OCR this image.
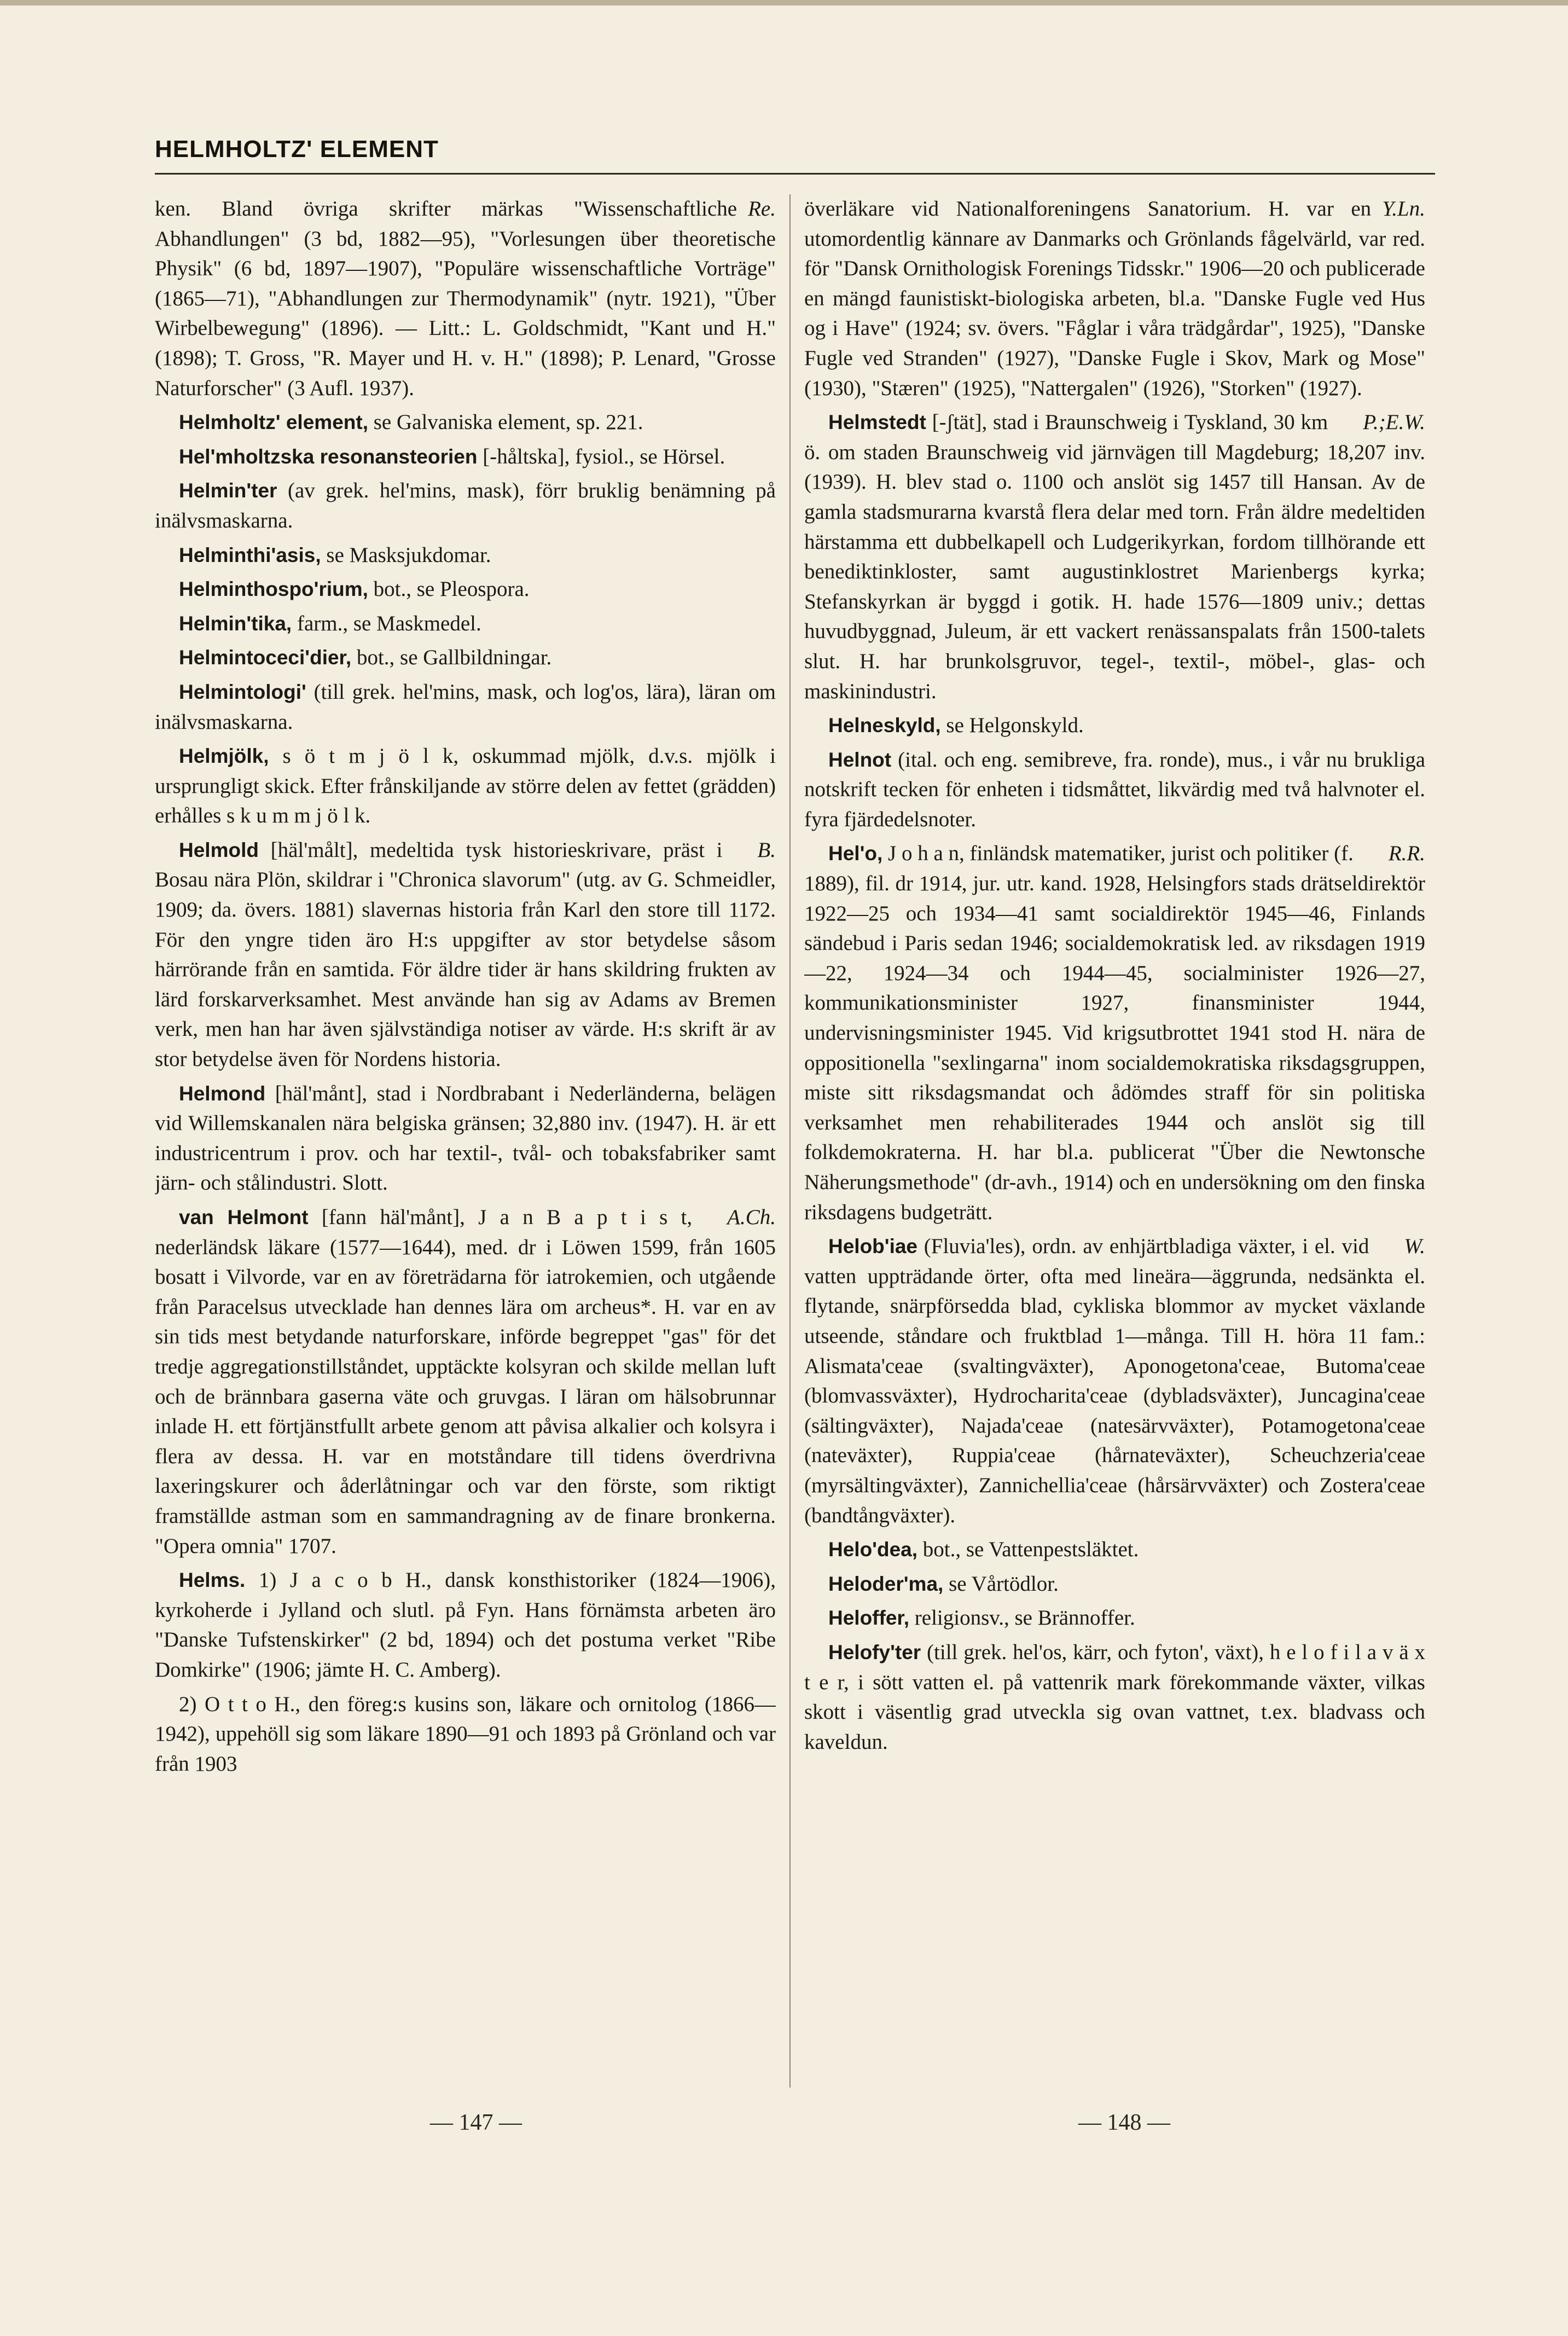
HELMHOLTZ' ELEMENT

Re.
ken. Bland övriga skrifter märkas "Wissenschaftliche Abhandlungen" (3 bd, 1882—95), "Vorlesungen über theoretische Physik" (6 bd, 1897—1907), "Populäre wissenschaftliche Vorträge" (1865—71), "Abhandlungen zur Thermodynamik" (nytr. 1921), "Über Wirbelbewegung" (1896). — Litt.: L. Goldschmidt, "Kant und H." (1898); T. Gross, "R. Mayer und H. v. H." (1898); P. Lenard, "Grosse Naturforscher" (3 Aufl. 1937).

Helmholtz' element, se Galvaniska element, sp. 221.

Hel'mholtzska resonansteorien [-håltska], fysiol., se Hörsel.

Helmin'ter (av grek. hel'mins, mask), förr bruklig benämning på inälvsmaskarna.

Helminthi'asis, se Masksjukdomar.

Helminthospo'rium, bot., se Pleospora.

Helmin'tika, farm., se Maskmedel.

Helmintoceci'dier, bot., se Gallbildningar.

Helmintologi' (till grek. hel'mins, mask, och log'os, lära), läran om inälvsmaskarna.

Helmjölk, s ö t m j ö l k, oskummad mjölk, d.v.s. mjölk i ursprungligt skick. Efter frånskiljande av större delen av fettet (grädden) erhålles s k u m m j ö l k.

B.
Helmold [häl'målt], medeltida tysk historieskrivare, präst i Bosau nära Plön, skildrar i "Chronica slavorum" (utg. av G. Schmeidler, 1909; da. övers. 1881) slavernas historia från Karl den store till 1172. För den yngre tiden äro H:s uppgifter av stor betydelse såsom härrörande från en samtida. För äldre tider är hans skildring frukten av lärd forskarverksamhet. Mest använde han sig av Adams av Bremen verk, men han har även självständiga notiser av värde. H:s skrift är av stor betydelse även för Nordens historia.

Helmond [häl'månt], stad i Nordbrabant i Nederländerna, belägen vid Willemskanalen nära belgiska gränsen; 32,880 inv. (1947). H. är ett industricentrum i prov. och har textil-, tvål- och tobaksfabriker samt järn- och stålindustri. Slott.

A.Ch.
van Helmont [fann häl'månt], J a n B a p t i s t, nederländsk läkare (1577—1644), med. dr i Löwen 1599, från 1605 bosatt i Vilvorde, var en av företrädarna för iatrokemien, och utgående från Paracelsus utvecklade han dennes lära om archeus*. H. var en av sin tids mest betydande naturforskare, införde begreppet "gas" för det tredje aggregationstillståndet, upptäckte kolsyran och skilde mellan luft och de brännbara gaserna väte och gruvgas. I läran om hälsobrunnar inlade H. ett förtjänstfullt arbete genom att påvisa alkalier och kolsyra i flera av dessa. H. var en motståndare till tidens överdrivna laxeringskurer och åderlåtningar och var den förste, som riktigt framställde astman som en sammandragning av de finare bronkerna. "Opera omnia" 1707.

Helms. 1) J a c o b H., dansk konsthistoriker (1824—1906), kyrkoherde i Jylland och slutl. på Fyn. Hans förnämsta arbeten äro "Danske Tufstenskirker" (2 bd, 1894) och det postuma verket "Ribe Domkirke" (1906; jämte H. C. Amberg).

2) O t t o H., den föreg:s kusins son, läkare och ornitolog (1866—1942), uppehöll sig som läkare 1890—91 och 1893 på Grönland och var från 1903

Y.Ln.
överläkare vid Nationalforeningens Sanatorium. H. var en utomordentlig kännare av Danmarks och Grönlands fågelvärld, var red. för "Dansk Ornithologisk Forenings Tidsskr." 1906—20 och publicerade en mängd faunistiskt-biologiska arbeten, bl.a. "Danske Fugle ved Hus og i Have" (1924; sv. övers. "Fåglar i våra trädgårdar", 1925), "Danske Fugle ved Stranden" (1927), "Danske Fugle i Skov, Mark og Mose" (1930), "Stæren" (1925), "Nattergalen" (1926), "Storken" (1927).

P.;E.W.
Helmstedt [-ʃtät], stad i Braunschweig i Tyskland, 30 km ö. om staden Braunschweig vid järnvägen till Magdeburg; 18,207 inv. (1939). H. blev stad o. 1100 och anslöt sig 1457 till Hansan. Av de gamla stadsmurarna kvarstå flera delar med torn. Från äldre medeltiden härstamma ett dubbelkapell och Ludgerikyrkan, fordom tillhörande ett benediktinkloster, samt augustinklostret Marienbergs kyrka; Stefanskyrkan är byggd i gotik. H. hade 1576—1809 univ.; dettas huvudbyggnad, Juleum, är ett vackert renässanspalats från 1500-talets slut. H. har brunkolsgruvor, tegel-, textil-, möbel-, glas- och maskinindustri.

Helneskyld, se Helgonskyld.

Helnot (ital. och eng. semibreve, fra. ronde), mus., i vår nu brukliga notskrift tecken för enheten i tidsmåttet, likvärdig med två halvnoter el. fyra fjärdedelsnoter.

R.R.
Hel'o, J o h a n, finländsk matematiker, jurist och politiker (f. 1889), fil. dr 1914, jur. utr. kand. 1928, Helsingfors stads drätseldirektör 1922—25 och 1934—41 samt socialdirektör 1945—46, Finlands sändebud i Paris sedan 1946; socialdemokratisk led. av riksdagen 1919—22, 1924—34 och 1944—45, socialminister 1926—27, kommunikationsminister 1927, finansminister 1944, undervisningsminister 1945. Vid krigsutbrottet 1941 stod H. nära de oppositionella "sexlingarna" inom socialdemokratiska riksdagsgruppen, miste sitt riksdagsmandat och ådömdes straff för sin politiska verksamhet men rehabiliterades 1944 och anslöt sig till folkdemokraterna. H. har bl.a. publicerat "Über die Newtonsche Näherungsmethode" (dr-avh., 1914) och en undersökning om den finska riksdagens budgeträtt.

W.
Helob'iae (Fluvia'les), ordn. av enhjärtbladiga växter, i el. vid vatten uppträdande örter, ofta med lineära—äggrunda, nedsänkta el. flytande, snärpförsedda blad, cykliska blommor av mycket växlande utseende, ståndare och fruktblad 1—många. Till H. höra 11 fam.: Alismata'ceae (svaltingväxter), Aponogetona'ceae, Butoma'ceae (blomvassväxter), Hydrocharita'ceae (dybladsväxter), Juncagina'ceae (sältingväxter), Najada'ceae (natesärvväxter), Potamogetona'ceae (nateväxter), Ruppia'ceae (hårnateväxter), Scheuchzeria'ceae (myrsältingväxter), Zannichellia'ceae (hårsärvväxter) och Zostera'ceae (bandtångväxter).

Helo'dea, bot., se Vattenpestsläktet.

Heloder'ma, se Vårtödlor.

Heloffer, religionsv., se Brännoffer.

Helofy'ter (till grek. hel'os, kärr, och fyton', växt), h e l o f i l a v ä x t e r, i sött vatten el. på vattenrik mark förekommande växter, vilkas skott i väsentlig grad utveckla sig ovan vattnet, t.ex. bladvass och kaveldun.

— 147 —	— 148 —
